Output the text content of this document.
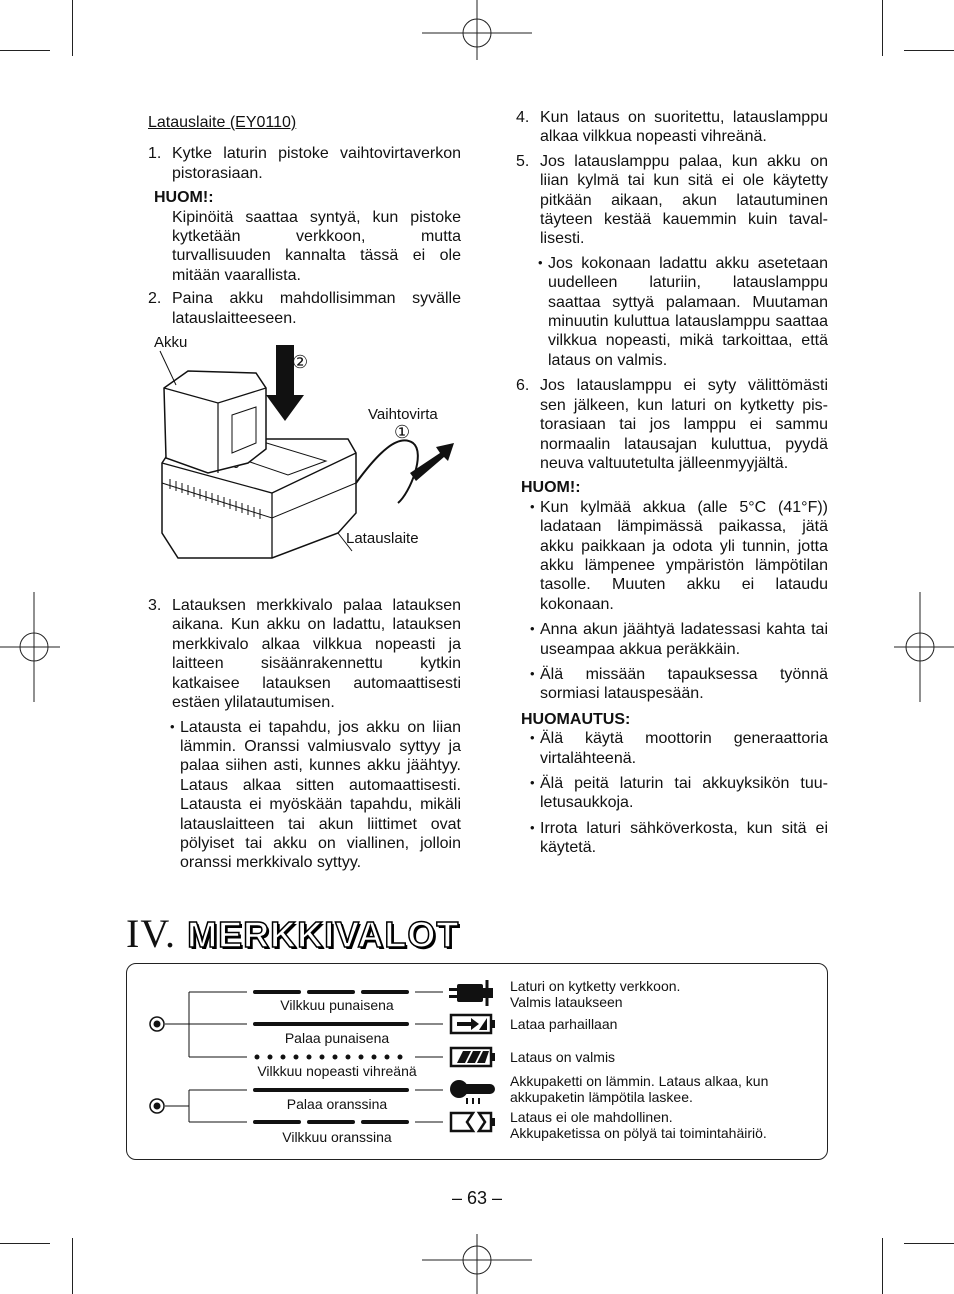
Latauslaite (EY0110)
1. Kytke laturin pistoke vaihtovirtaverkon pistorasiaan.
HUOM!:
Kipinöitä saattaa syntyä, kun pistoke kytketään verkkoon, mutta turvallisuuden kannalta tässä ei ole mitään vaarallista.
2. Paina akku mahdollisimman syvälle latauslaitteeseen.
Akku
②
Vaihtovirta
①
Latauslaite
3. Latauksen merkkivalo palaa latauksen aikana. Kun akku on ladattu, latauksen merkkivalo alkaa vilkkua nopeasti ja laitteen sisäänrakennettu kytkin katkaisee latauksen automaattisesti estäen ylilatautumisen.
• Latausta ei tapahdu, jos akku on liian lämmin. Oranssi valmiusvalo syttyy ja palaa siihen asti, kunnes akku jäähtyy. Lataus alkaa sitten automaattisesti. Latausta ei myöskään tapahdu, mikäli latauslaitteen tai akun liittimet ovat pölyiset tai akku on viallinen, jolloin oranssi merkkivalo syttyy.
4. Kun lataus on suoritettu, latauslamppu alkaa vilkkua nopeasti vihreänä.
5. Jos latauslamppu palaa, kun akku on liian kylmä tai kun sitä ei ole käytetty pitkään aikaan, akun latautuminen täyteen kestää kauemmin kuin tavallisesti.
• Jos kokonaan ladattu akku asetetaan uudelleen laturiin, latauslamppu saattaa syttyä palamaan. Muutaman minuutin kuluttua latauslamppu saattaa vilkkua nopeasti, mikä tarkoittaa, että lataus on valmis.
6. Jos latauslamppu ei syty välittömästi sen jälkeen, kun laturi on kytketty pistorasiaan tai jos lamppu ei sammu normaalin latausajan kuluttua, pyydä neuva valtuutetulta jälleenmyyjältä.
HUOM!:
• Kun kylmää akkua (alle 5°C (41°F)) ladataan lämpimässä paikassa, jätä akku paikkaan ja odota yli tunnin, jotta akku lämpenee ympäristön lämpötilan tasolle. Muuten akku ei lataudu kokonaan.
• Anna akun jäähtyä ladatessasi kahta tai useampaa akkua peräkkäin.
• Älä missään tapauksessa työnnä sormiasi latauspesään.
HUOMAUTUS:
• Älä käytä moottorin generaattoria virtalähteenä.
• Älä peitä laturin tai akkuyksikön tuuletusaukkoja.
• Irrota laturi sähköverkosta, kun sitä ei käytetä.
IV. MERKKIVALOT
Vilkkuu punaisena
Palaa punaisena
Vilkkuu nopeasti vihreänä
Palaa oranssina
Vilkkuu oranssina
Laturi on kytketty verkkoon.
Valmis lataukseen
Lataa parhaillaan
Lataus on valmis
Akkupaketti on lämmin. Lataus alkaa, kun
akkupaketin lämpötila laskee.
Lataus ei ole mahdollinen.
Akkupaketissa on pölyä tai toimintahäiriö.
– 63 –
